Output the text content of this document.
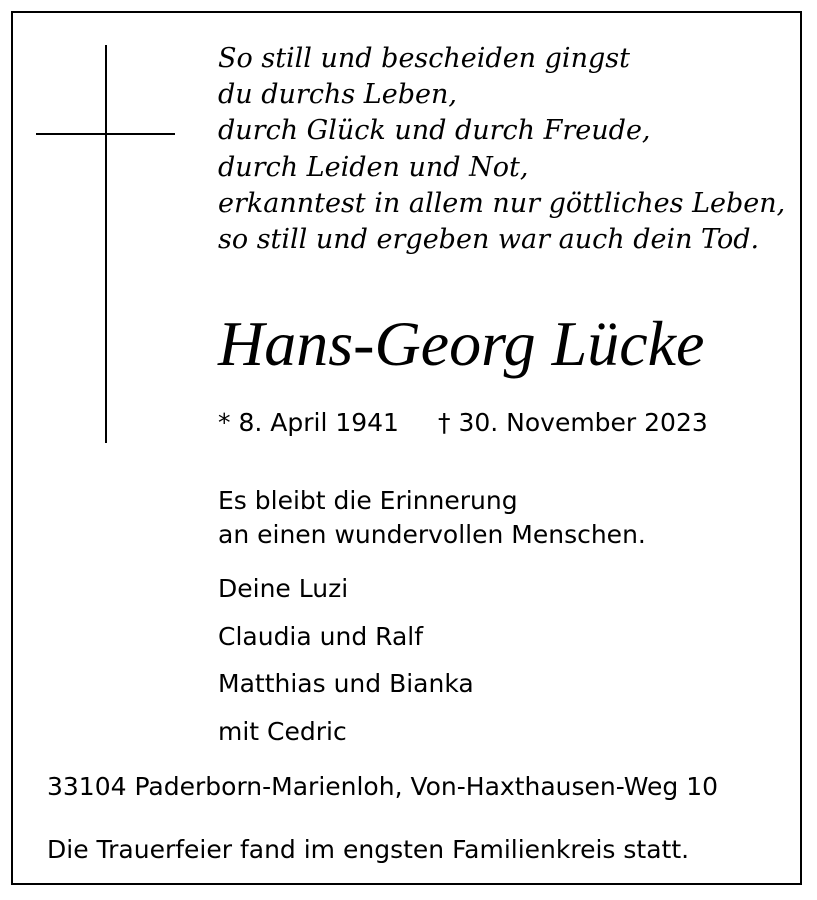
So still und bescheiden gingst
du durchs Leben,
durch Glück und durch Freude,
durch Leiden und Not,
erkanntest in allem nur göttliches Leben,
so still und ergeben war auch dein Tod.
Hans-Georg Lücke
* 8. April 1941 † 30. November 2023
Es bleibt die Erinnerung
an einen wundervollen Menschen.
Deine Luzi
Claudia und Ralf
Matthias und Bianka
mit Cedric
33104 Paderborn-Marienloh, Von-Haxthausen-Weg 10
Die Trauerfeier fand im engsten Familienkreis statt.
